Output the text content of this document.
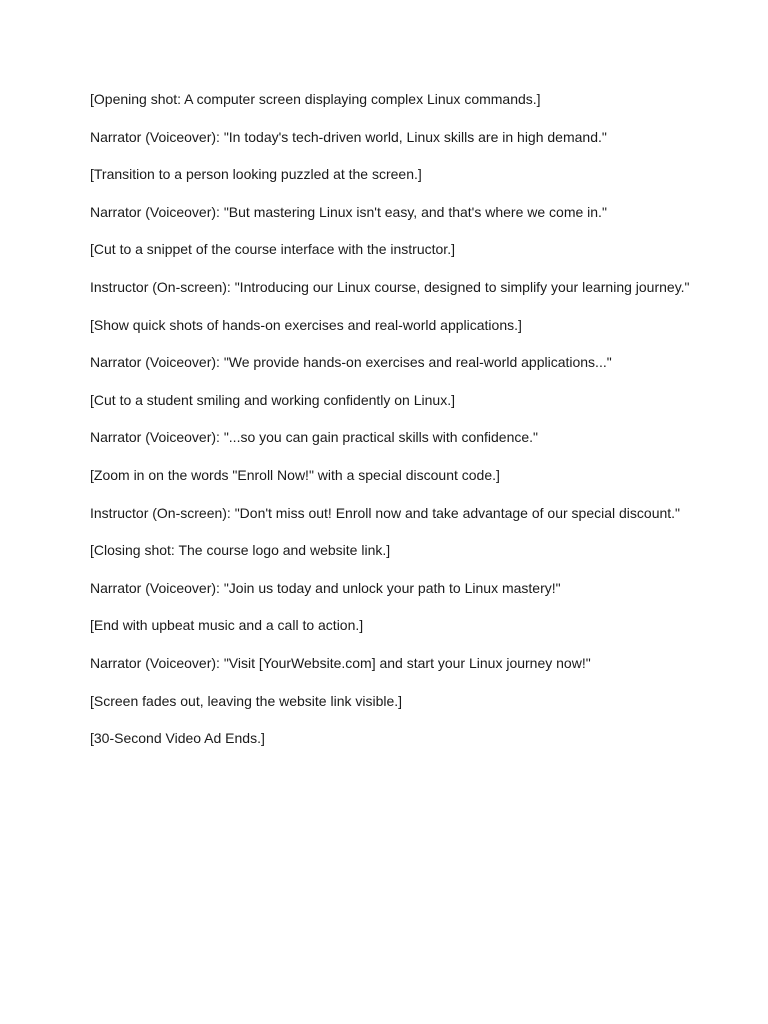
[Opening shot: A computer screen displaying complex Linux commands.]

Narrator (Voiceover): "In today's tech-driven world, Linux skills are in high demand."

[Transition to a person looking puzzled at the screen.]

Narrator (Voiceover): "But mastering Linux isn't easy, and that's where we come in."

[Cut to a snippet of the course interface with the instructor.]

Instructor (On-screen): "Introducing our Linux course, designed to simplify your learning journey."

[Show quick shots of hands-on exercises and real-world applications.]

Narrator (Voiceover): "We provide hands-on exercises and real-world applications..."

[Cut to a student smiling and working confidently on Linux.]

Narrator (Voiceover): "...so you can gain practical skills with confidence."

[Zoom in on the words "Enroll Now!" with a special discount code.]

Instructor (On-screen): "Don't miss out! Enroll now and take advantage of our special discount."

[Closing shot: The course logo and website link.]

Narrator (Voiceover): "Join us today and unlock your path to Linux mastery!"

[End with upbeat music and a call to action.]

Narrator (Voiceover): "Visit [YourWebsite.com] and start your Linux journey now!"

[Screen fades out, leaving the website link visible.]

[30-Second Video Ad Ends.]
